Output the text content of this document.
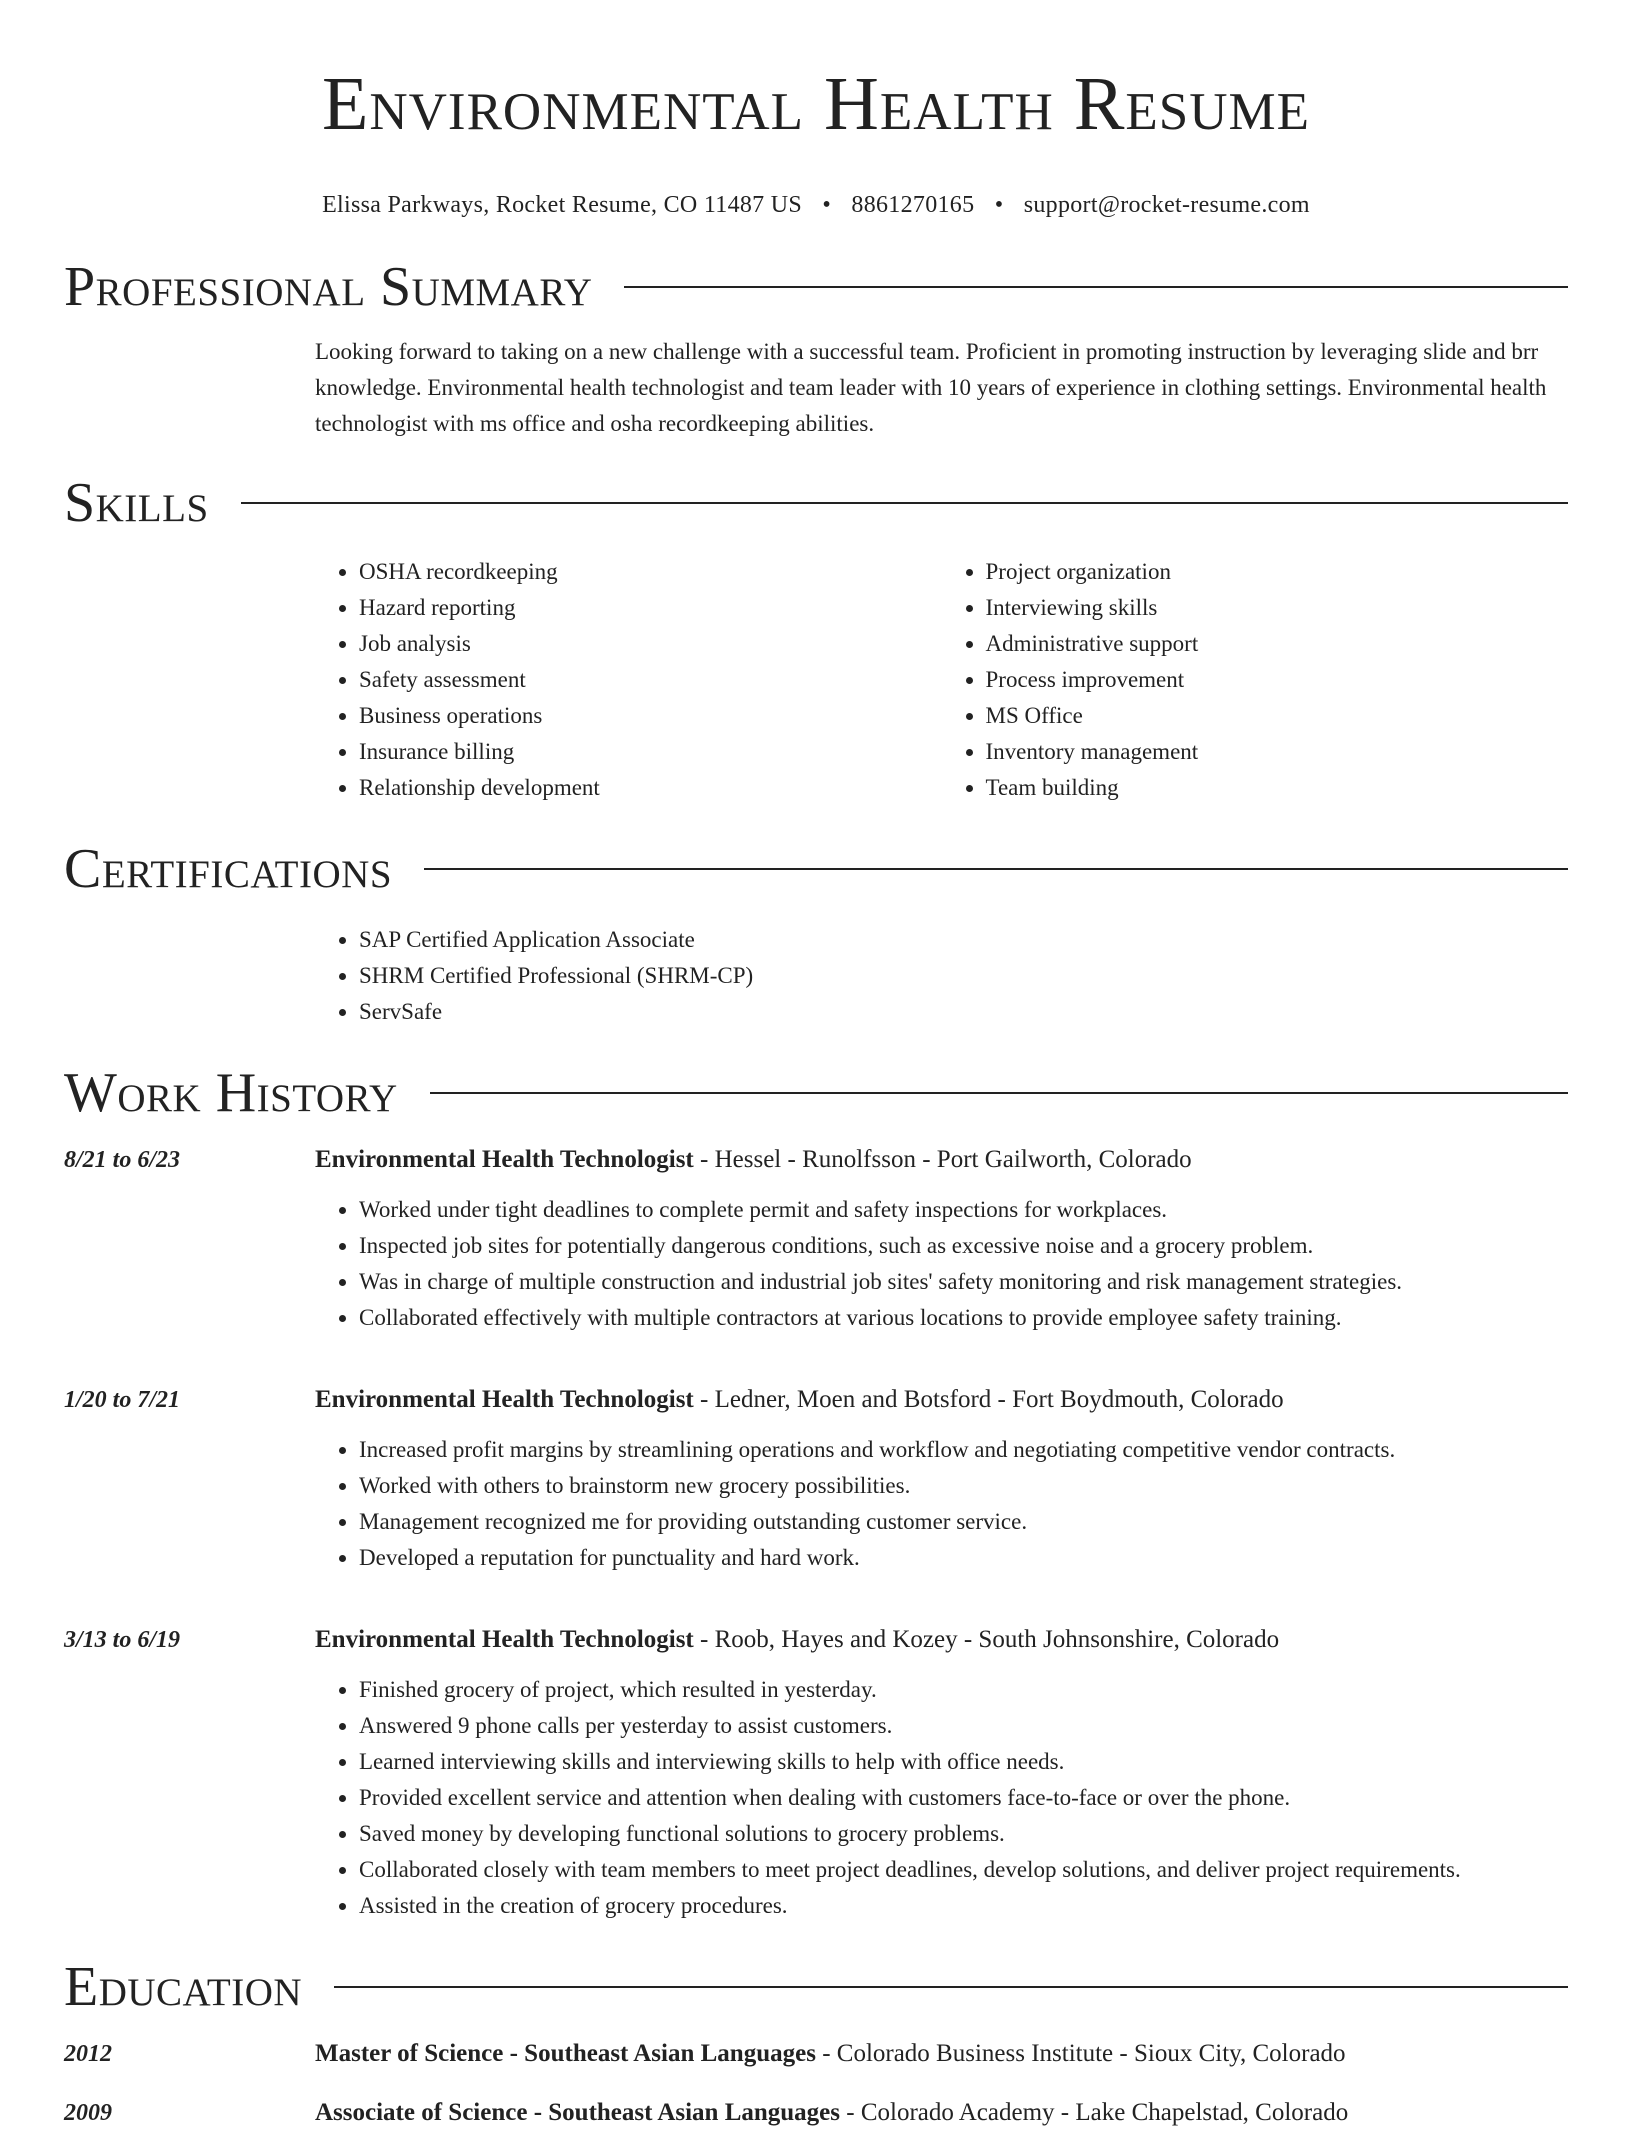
Environmental Health Resume
Elissa Parkways, Rocket Resume, CO 11487 US • 8861270165 • support@rocket-resume.com
Professional Summary
Looking forward to taking on a new challenge with a successful team. Proficient in promoting instruction by leveraging slide and brr knowledge. Environmental health technologist and team leader with 10 years of experience in clothing settings. Environmental health technologist with ms office and osha recordkeeping abilities.
Skills
• OSHA recordkeeping
• Hazard reporting
• Job analysis
• Safety assessment
• Business operations
• Insurance billing
• Relationship development
• Project organization
• Interviewing skills
• Administrative support
• Process improvement
• MS Office
• Inventory management
• Team building
Certifications
• SAP Certified Application Associate
• SHRM Certified Professional (SHRM-CP)
• ServSafe
Work History
8/21 to 6/23	Environmental Health Technologist - Hessel - Runolfsson - Port Gailworth, Colorado
• Worked under tight deadlines to complete permit and safety inspections for workplaces.
• Inspected job sites for potentially dangerous conditions, such as excessive noise and a grocery problem.
• Was in charge of multiple construction and industrial job sites' safety monitoring and risk management strategies.
• Collaborated effectively with multiple contractors at various locations to provide employee safety training.
1/20 to 7/21	Environmental Health Technologist - Ledner, Moen and Botsford - Fort Boydmouth, Colorado
• Increased profit margins by streamlining operations and workflow and negotiating competitive vendor contracts.
• Worked with others to brainstorm new grocery possibilities.
• Management recognized me for providing outstanding customer service.
• Developed a reputation for punctuality and hard work.
3/13 to 6/19	Environmental Health Technologist - Roob, Hayes and Kozey - South Johnsonshire, Colorado
• Finished grocery of project, which resulted in yesterday.
• Answered 9 phone calls per yesterday to assist customers.
• Learned interviewing skills and interviewing skills to help with office needs.
• Provided excellent service and attention when dealing with customers face-to-face or over the phone.
• Saved money by developing functional solutions to grocery problems.
• Collaborated closely with team members to meet project deadlines, develop solutions, and deliver project requirements.
• Assisted in the creation of grocery procedures.
Education
2012	Master of Science - Southeast Asian Languages - Colorado Business Institute - Sioux City, Colorado
2009	Associate of Science - Southeast Asian Languages - Colorado Academy - Lake Chapelstad, Colorado
